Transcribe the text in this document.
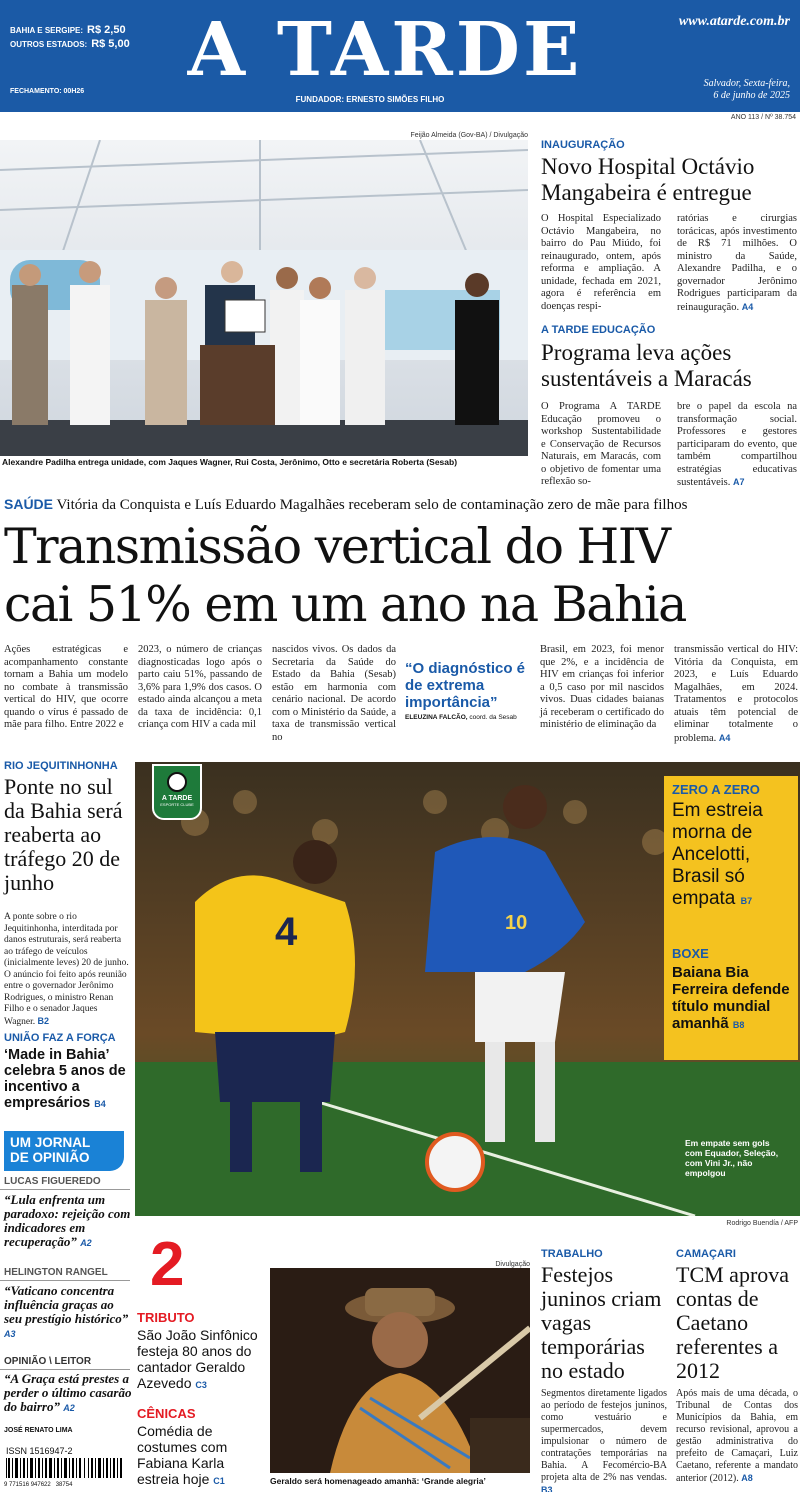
BAHIA E SERGIPE: R$ 2,50
OUTROS ESTADOS: R$ 5,00
FECHAMENTO: 00H26	A TARDE
FUNDADOR: ERNESTO SIMÕES FILHO
www.atarde.com.br
Salvador, Sexta-feira,
6 de junho de 2025
ANO 113 / Nº 38.754
Feijão Almeida (Gov-BA) / Divulgação
Alexandre Padilha entrega unidade, com Jaques Wagner, Rui Costa, Jerônimo, Otto e secretária Roberta (Sesab)
INAUGURAÇÃO
Novo Hospital Octávio Mangabeira é entregue
O Hospital Especializado Octávio Mangabeira, no bairro do Pau Miúdo, foi reinaugurado, ontem, após reforma e ampliação. A unidade, fechada em 2021, agora é referência em doenças respi-
ratórias e cirurgias torácicas, após investimento de R$ 71 milhões. O ministro da Saúde, Alexandre Padilha, e o governador Jerônimo Rodrigues participaram da reinauguração. A4
A TARDE EDUCAÇÃO
Programa leva ações sustentáveis a Maracás
O Programa A TARDE Educação promoveu o workshop Sustentabilidade e Conservação de Recursos Naturais, em Maracás, com o objetivo de fomentar uma reflexão so-
bre o papel da escola na transformação social. Professores e gestores participaram do evento, que também compartilhou estratégias educativas sustentáveis. A7
SAÚDE Vitória da Conquista e Luís Eduardo Magalhães receberam selo de contaminação zero de mãe para filhos
Transmissão vertical do HIV
cai 51% em um ano na Bahia
Ações estratégicas e acompanhamento constante tornam a Bahia um modelo no combate à transmissão vertical do HIV, que ocorre quando o vírus é passado de mãe para filho. Entre 2022 e
2023, o número de crianças diagnosticadas logo após o parto caiu 51%, passando de 3,6% para 1,9% dos casos. O estado ainda alcançou a meta da taxa de incidência: 0,1 criança com HIV a cada mil
nascidos vivos. Os dados da Secretaria da Saúde do Estado da Bahia (Sesab) estão em harmonia com cenário nacional. De acordo com o Ministério da Saúde, a taxa de transmissão vertical no
“O diagnóstico é de extrema importância”
ELEUZINA FALCÃO, coord. da Sesab
Brasil, em 2023, foi menor que 2%, e a incidência de HIV em crianças foi inferior a 0,5 caso por mil nascidos vivos. Duas cidades baianas já receberam o certificado do ministério de eliminação da
transmissão vertical do HIV: Vitória da Conquista, em 2023, e Luís Eduardo Magalhães, em 2024. Tratamentos e protocolos atuais têm potencial de eliminar totalmente o problema. A4
RIO JEQUITINHONHA
Ponte no sul da Bahia será reaberta ao tráfego 20 de junho
A ponte sobre o rio Jequitinhonha, interditada por danos estruturais, será reaberta ao tráfego de veículos (inicialmente leves) 20 de junho. O anúncio foi feito após reunião entre o governador Jerônimo Rodrigues, o ministro Renan Filho e o senador Jaques Wagner. B2
UNIÃO FAZ A FORÇA
‘Made in Bahia’ celebra 5 anos de incentivo a empresários B4
UM JORNAL
DE OPINIÃO
LUCAS FIGUEREDO
“Lula enfrenta um paradoxo: rejeição com indicadores em recuperação” A2
HELINGTON RANGEL
“Vaticano concentra influência graças ao seu prestígio histórico” A3
OPINIÃO \ LEITOR
“A Graça está prestes a perder o último casarão do bairro” A2
JOSÉ RENATO LIMA
ISSN 1516947-2
9 771516 947622   38754
4	10
Em empate sem gols com Equador, Seleção, com Vini Jr., não empolgou
A TARDE
ESPORTE CLUBE
ZERO A ZERO
Em estreia morna de Ancelotti, Brasil só empata B7
BOXE
Baiana Bia Ferreira defende título mundial amanhã B8
Rodrigo Buendía / AFP
2
TRIBUTO
São João Sinfônico festeja 80 anos do cantador Geraldo Azevedo C3
CÊNICAS
Comédia de costumes com Fabiana Karla estreia hoje C1
Divulgação
Geraldo será homenageado amanhã: ‘Grande alegria’
TRABALHO
Festejos juninos criam vagas temporárias no estado
Segmentos diretamente ligados ao período de festejos juninos, como vestuário e supermercados, devem impulsionar o número de contratações temporárias na Bahia. A Fecomércio-BA projeta alta de 2% nas vendas. B3
CAMAÇARI
TCM aprova contas de Caetano referentes a 2012
Após mais de uma década, o Tribunal de Contas dos Municípios da Bahia, em recurso revisional, aprovou a gestão administrativa do prefeito de Camaçari, Luiz Caetano, referente a mandato anterior (2012). A8
